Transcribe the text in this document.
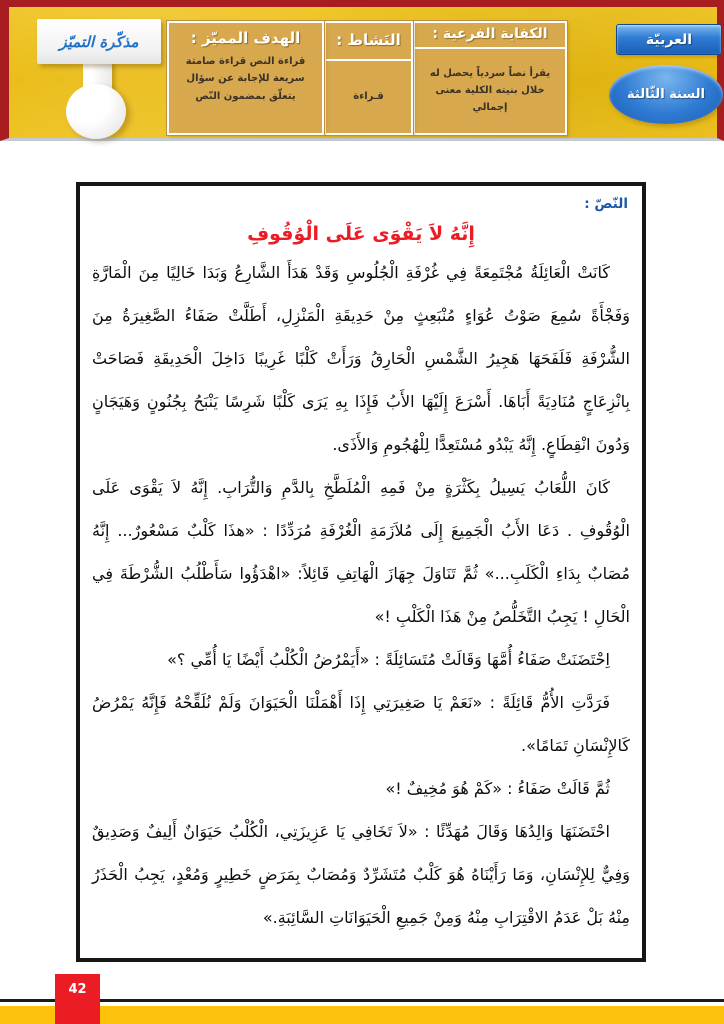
مذكّرة التميّز	الكفاية الفرعية :
يقرأ نصاً سردياً يحصل له خلال بنيته الكلية معنى إجمالي
النَشاط :
قـراءة
الهدف المميّز :
قراءة النص قراءة صامتة سريعة للإجابة عن سؤال يتعلّق بمضمون النّص
العربيّة
السنة الثّالثة
النّصّ :
إِنَّهُ لاَ يَقْوَى عَلَى الْوُقُوفِ

كَانَتْ الْعَائِلَةُ مُجْتَمِعَةً فِي غُرْفَةِ الْجُلُوسِ وَقَدْ هَدَأَ الشَّارِعُ وَبَدَا خَالِيًا مِنَ الْمَارَّةِ وَفَجْأَةً سُمِعَ صَوْتُ عُوَاءٍ مُنْبَعِثٍ مِنْ حَدِيقَةِ الْمَنْزِلِ، أَطَلَّتْ صَفَاءُ الصَّغِيرَةُ مِنَ الشُّرْفَةِ فَلَفَحَهَا هَجِيرُ الشَّمْسِ الْحَارِقُ وَرَأَتْ كَلْبًا غَرِيبًا دَاخِلَ الْحَدِيقَةِ فَصَاحَتْ بِانْزِعَاجٍ مُنَادِيَةً أَبَاهَا. أَسْرَعَ إِلَيْهَا الأَبُ فَإِذَا بِهِ يَرَى كَلْبًا شَرِسًا يَنْبَحُ بِجُنُونٍ وَهَيَجَانٍ وَدُونَ انْقِطَاعٍ. إِنَّهُ يَبْدُو مُسْتَعِدًّا لِلْهُجُومِ وَالأَذَى.

كَانَ اللُّعَابُ يَسِيلُ بِكَثْرَةٍ مِنْ فَمِهِ الْمُلَطَّخِ بِالدَّمِ وَالتُّرَابِ. إِنَّهُ لاَ يَقْوَى عَلَى الْوُقُوفِ . دَعَا الأَبُ الْجَمِيعَ إِلَى مُلاَزَمَةِ الْغُرْفَةِ مُرَدِّدًا : «هذَا كَلْبٌ مَسْعُورٌ... إِنَّهُ مُصَابٌ بِدَاءِ الْكَلَبِ...» ثُمَّ تَنَاوَلَ جِهَازَ الْهَاتِفِ قَائِلاً: «اهْدَؤُوا سَأَطْلُبُ الشُّرْطَةَ فِي الْحَالِ ! يَجِبُ التَّخَلُّصُ مِنْ هَذَا الْكَلْبِ !»

اِحْتَضَنَتْ صَفَاءُ أُمَّهَا وَقَالَتْ مُتَسَائِلَةً : «أَيَمْرُضُ الْكُلْبُ أَيْضًا يَا أُمِّي ؟»

فَرَدَّتِ الأُمُّ قَائِلَةً : «نَعَمْ يَا صَغِيرَتِي إِذَا أَهْمَلْنَا الْحَيَوَانَ وَلَمْ نُلَقِّحْهُ فَإِنَّهُ يَمْرُضُ كَالإِنْسَانِ تَمَامًا».

ثُمَّ قَالَتْ صَفَاءُ : «كَمْ هُوَ مُخِيفٌ !»

احْتَضَنَهَا وَالِدُهَا وَقَالَ مُهَدِّئًا : «لاَ تَخَافِي يَا عَزِيزَتِي، الْكُلْبُ حَيَوَانٌ أَلِيفٌ وَصَدِيقٌ وَفِيٌّ لِلإِنْسَانِ، وَمَا رَأَيْنَاهُ هُوَ كَلْبٌ مُتَشَرِّدٌ وَمُصَابٌ بِمَرَضٍ خَطِيرٍ وَمُعْدٍ، يَجِبُ الْحَذَرُ مِنْهُ بَلْ عَدَمُ الاقْتِرَابِ مِنْهُ وَمِنْ جَمِيعِ الْحَيَوَانَاتِ السَّائِبَةِ.»

42
